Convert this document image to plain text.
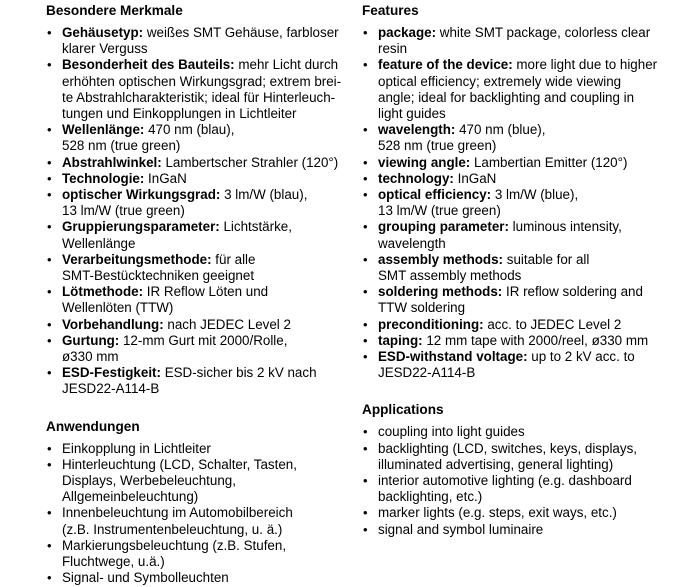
Besondere Merkmale
• Gehäusetyp: weißes SMT Gehäuse, farbloser
klarer Verguss
• Besonderheit des Bauteils: mehr Licht durch
erhöhten optischen Wirkungsgrad; extrem brei-
te Abstrahlcharakteristik; ideal für Hinterleuch-
tungen und Einkopplungen in Lichtleiter
• Wellenlänge: 470 nm (blau),
528 nm (true green)
• Abstrahlwinkel: Lambertscher Strahler (120°)
• Technologie: InGaN
• optischer Wirkungsgrad: 3 lm/W (blau),
13 lm/W (true green)
• Gruppierungsparameter: Lichtstärke,
Wellenlänge
• Verarbeitungsmethode: für alle
SMT-Bestücktechniken geeignet
• Lötmethode: IR Reflow Löten und
Wellenlöten (TTW)
• Vorbehandlung: nach JEDEC Level 2
• Gurtung: 12-mm Gurt mit 2000/Rolle,
ø330 mm
• ESD-Festigkeit: ESD-sicher bis 2 kV nach
JESD22-A114-B
Anwendungen
• Einkopplung in Lichtleiter
• Hinterleuchtung (LCD, Schalter, Tasten,
Displays, Werbebeleuchtung,
Allgemeinbeleuchtung)
• Innenbeleuchtung im Automobilbereich
(z.B. Instrumentenbeleuchtung, u. ä.)
• Markierungsbeleuchtung (z.B. Stufen,
Fluchtwege, u.ä.)
• Signal- und Symbolleuchten
Features
• package: white SMT package, colorless clear
resin
• feature of the device: more light due to higher
optical efficiency; extremely wide viewing
angle; ideal for backlighting and coupling in
light guides
• wavelength: 470 nm (blue),
528 nm (true green)
• viewing angle: Lambertian Emitter (120°)
• technology: InGaN
• optical efficiency: 3 lm/W (blue),
13 lm/W (true green)
• grouping parameter: luminous intensity,
wavelength
• assembly methods: suitable for all
SMT assembly methods
• soldering methods: IR reflow soldering and
TTW soldering
• preconditioning: acc. to JEDEC Level 2
• taping: 12 mm tape with 2000/reel, ø330 mm
• ESD-withstand voltage: up to 2 kV acc. to
JESD22-A114-B
Applications
• coupling into light guides
• backlighting (LCD, switches, keys, displays,
illuminated advertising, general lighting)
• interior automotive lighting (e.g. dashboard
backlighting, etc.)
• marker lights (e.g. steps, exit ways, etc.)
• signal and symbol luminaire
